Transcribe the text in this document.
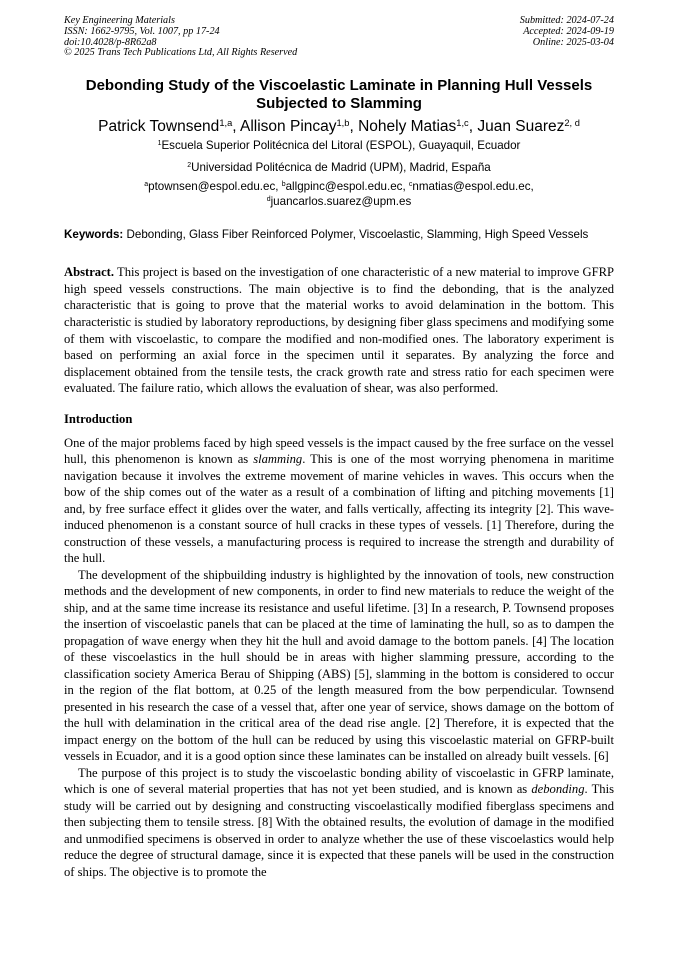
Key Engineering Materials
ISSN: 1662-9795, Vol. 1007, pp 17-24
doi:10.4028/p-8R62a8
© 2025 Trans Tech Publications Ltd, All Rights Reserved
Submitted: 2024-07-24
Accepted: 2024-09-19
Online: 2025-03-04
Debonding Study of the Viscoelastic Laminate in Planning Hull Vessels
Subjected to Slamming
Patrick Townsend$^{1,a}$, Allison Pincay$^{1,b}$, Nohely Matias$^{1,c}$, Juan Suarez$^{2, d}$
$^1$Escuela Superior Politécnica del Litoral (ESPOL), Guayaquil, Ecuador
$^2$Universidad Politécnica de Madrid (UPM), Madrid, España
$^a$ptownsen@espol.edu.ec, $^b$allgpinc@espol.edu.ec, $^c$nmatias@espol.edu.ec,
$^d$juancarlos.suarez@upm.es
Keywords: Debonding, Glass Fiber Reinforced Polymer, Viscoelastic, Slamming, High Speed Vessels
Abstract. This project is based on the investigation of one characteristic of a new material to improve GFRP high speed vessels constructions. The main objective is to find the debonding, that is the analyzed characteristic that is going to prove that the material works to avoid delamination in the bottom. This characteristic is studied by laboratory reproductions, by designing fiber glass specimens and modifying some of them with viscoelastic, to compare the modified and non-modified ones. The laboratory experiment is based on performing an axial force in the specimen until it separates. By analyzing the force and displacement obtained from the tensile tests, the crack growth rate and stress ratio for each specimen were evaluated. The failure ratio, which allows the evaluation of shear, was also performed.
Introduction

One of the major problems faced by high speed vessels is the impact caused by the free surface on the vessel hull, this phenomenon is known as slamming. This is one of the most worrying phenomena in maritime navigation because it involves the extreme movement of marine vehicles in waves. This occurs when the bow of the ship comes out of the water as a result of a combination of lifting and pitching movements [1] and, by free surface effect it glides over the water, and falls vertically, affecting its integrity [2]. This wave-induced phenomenon is a constant source of hull cracks in these types of vessels. [1] Therefore, during the construction of these vessels, a manufacturing process is required to increase the strength and durability of the hull.

The development of the shipbuilding industry is highlighted by the innovation of tools, new construction methods and the development of new components, in order to find new materials to reduce the weight of the ship, and at the same time increase its resistance and useful lifetime. [3] In a research, P. Townsend proposes the insertion of viscoelastic panels that can be placed at the time of laminating the hull, so as to dampen the propagation of wave energy when they hit the hull and avoid damage to the bottom panels. [4] The location of these viscoelastics in the hull should be in areas with higher slamming pressure, according to the classification society America Berau of Shipping (ABS) [5], slamming in the bottom is considered to occur in the region of the flat bottom, at 0.25 of the length measured from the bow perpendicular. Townsend presented in his research the case of a vessel that, after one year of service, shows damage on the bottom of the hull with delamination in the critical area of the dead rise angle. [2] Therefore, it is expected that the impact energy on the bottom of the hull can be reduced by using this viscoelastic material on GFRP-built vessels in Ecuador, and it is a good option since these laminates can be installed on already built vessels. [6]

The purpose of this project is to study the viscoelastic bonding ability of viscoelastic in GFRP laminate, which is one of several material properties that has not yet been studied, and is known as debonding. This study will be carried out by designing and constructing viscoelastically modified fiberglass specimens and then subjecting them to tensile stress. [8] With the obtained results, the evolution of damage in the modified and unmodified specimens is observed in order to analyze whether the use of these viscoelastics would help reduce the degree of structural damage, since it is expected that these panels will be used in the construction of ships. The objective is to promote the
